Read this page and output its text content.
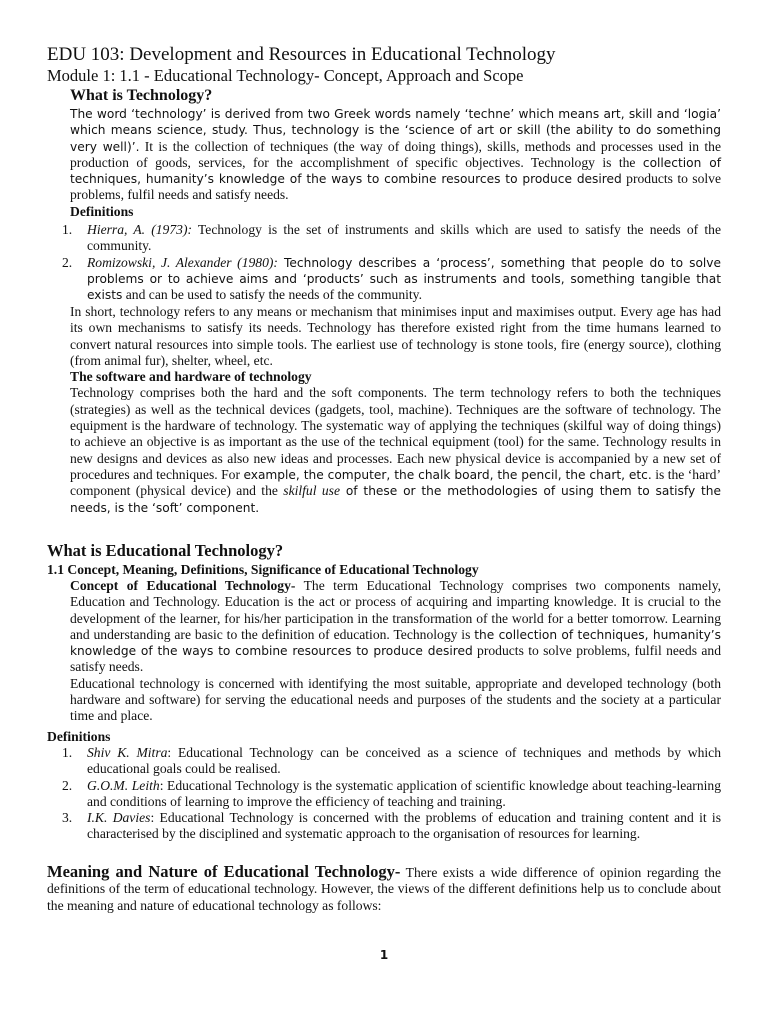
EDU 103: Development and Resources in Educational Technology
Module 1: 1.1 - Educational Technology- Concept, Approach and Scope
What is Technology?
The word ‘technology’ is derived from two Greek words namely ‘techne’ which means art, skill and ‘logia’ which means science, study. Thus, technology is the ‘science of art or skill (the ability to do something very well)’. It is the collection of techniques (the way of doing things), skills, methods and processes used in the production of goods, services, for the accomplishment of specific objectives. Technology is the collection of techniques, humanity’s knowledge of the ways to combine resources to produce desired products to solve problems, fulfil needs and satisfy needs.
Definitions
1. Hierra, A. (1973): Technology is the set of instruments and skills which are used to satisfy the needs of the community.
2. Romizowski, J. Alexander (1980): Technology describes a ‘process’, something that people do to solve problems or to achieve aims and ‘products’ such as instruments and tools, something tangible that exists and can be used to satisfy the needs of the community.
In short, technology refers to any means or mechanism that minimises input and maximises output. Every age has had its own mechanisms to satisfy its needs. Technology has therefore existed right from the time humans learned to convert natural resources into simple tools. The earliest use of technology is stone tools, fire (energy source), clothing (from animal fur), shelter, wheel, etc.
The software and hardware of technology
Technology comprises both the hard and the soft components. The term technology refers to both the techniques (strategies) as well as the technical devices (gadgets, tool, machine). Techniques are the software of technology. The equipment is the hardware of technology. The systematic way of applying the techniques (skilful way of doing things) to achieve an objective is as important as the use of the technical equipment (tool) for the same. Technology results in new designs and devices as also new ideas and processes. Each new physical device is accompanied by a new set of procedures and techniques. For example, the computer, the chalk board, the pencil, the chart, etc. is the ‘hard’ component (physical device) and the skilful use of these or the methodologies of using them to satisfy the needs, is the ‘soft’ component.
What is Educational Technology?
1.1 Concept, Meaning, Definitions, Significance of Educational Technology
Concept of Educational Technology- The term Educational Technology comprises two components namely, Education and Technology. Education is the act or process of acquiring and imparting knowledge. It is crucial to the development of the learner, for his/her participation in the transformation of the world for a better tomorrow. Learning and understanding are basic to the definition of education. Technology is the collection of techniques, humanity’s knowledge of the ways to combine resources to produce desired products to solve problems, fulfil needs and satisfy needs.
Educational technology is concerned with identifying the most suitable, appropriate and developed technology (both hardware and software) for serving the educational needs and purposes of the students and the society at a particular time and place.
Definitions
1. Shiv K. Mitra: Educational Technology can be conceived as a science of techniques and methods by which educational goals could be realised.
2. G.O.M. Leith: Educational Technology is the systematic application of scientific knowledge about teaching-learning and conditions of learning to improve the efficiency of teaching and training.
3. I.K. Davies: Educational Technology is concerned with the problems of education and training content and it is characterised by the disciplined and systematic approach to the organisation of resources for learning.
Meaning and Nature of Educational Technology- There exists a wide difference of opinion regarding the definitions of the term of educational technology. However, the views of the different definitions help us to conclude about the meaning and nature of educational technology as follows:
1
